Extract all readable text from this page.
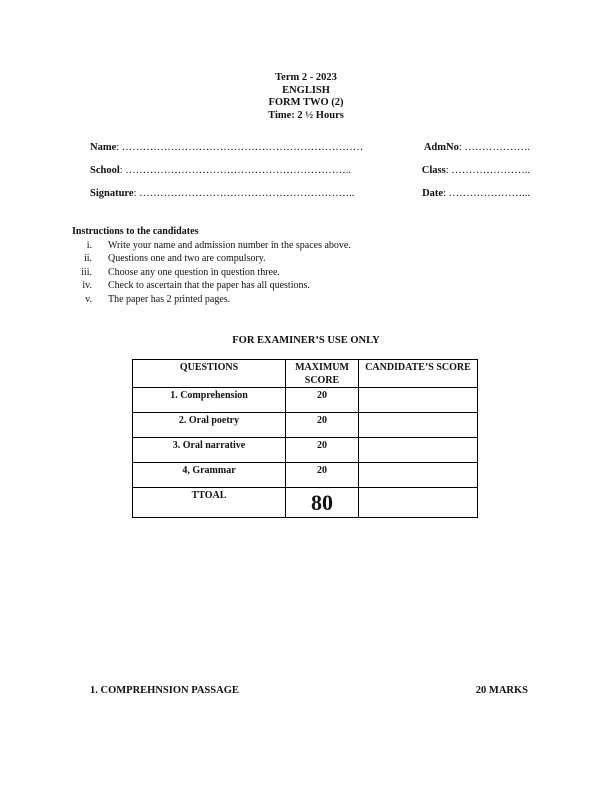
Term 2 - 2023
ENGLISH
FORM TWO (2)
Time: 2 ½ Hours
Name: ……………………………………………………………	AdmNo: ……………….
School: ………………………………………………………..	Class: …………………..
Signature: ……………………………………………………..	Date: …………………...
Instructions to the candidates
i. Write your name and admission number in the spaces above.
ii. Questions one and two are compulsory.
iii. Choose any one question in question three.
iv. Check to ascertain that the paper has all questions.
v. The paper has 2 printed pages.
FOR EXAMINER’S USE ONLY
QUESTIONS	MAXIMUM SCORE	CANDIDATE’S SCORE
1. Comprehension	20	
2. Oral poetry	20	
3. Oral narrative	20	
4, Grammar	20	
TTOAL	80	
1. COMPREHNSION PASSAGE	20 MARKS
